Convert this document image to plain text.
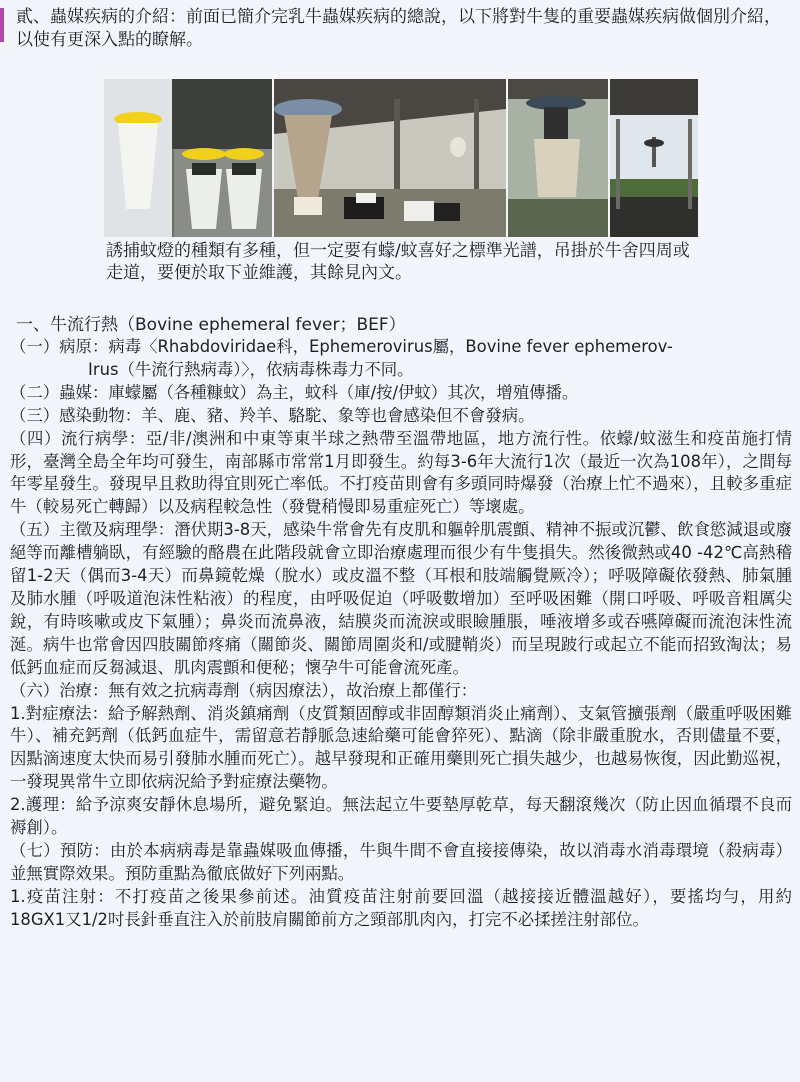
貳、蟲媒疾病的介紹：前面已簡介完乳牛蟲媒疾病的總說，以下將對牛隻的重要蟲媒疾病做個別介紹，以使有更深入點的瞭解。

誘捕蚊燈的種類有多種，但一定要有蠓/蚊喜好之標準光譜，吊掛於牛舍四周或走道，要便於取下並維護，其餘見內文。

一、牛流行熱（Bovine ephemeral fever；BEF）

（一）病原：病毒〈Rhabdoviridae科，Ephemerovirus屬，Bovine fever ephemerov-

Irus（牛流行熱病毒）〉，依病毒株毒力不同。

（二）蟲媒：庫蠓屬（各種糠蚊）為主，蚊科（庫/按/伊蚊）其次，增殖傳播。

（三）感染動物：羊、鹿、豬、羚羊、駱駝、象等也會感染但不會發病。

（四）流行病學：亞/非/澳洲和中東等東半球之熱帶至溫帶地區，地方流行性。依蠓/蚊滋生和疫苗施打情形，臺灣全島全年均可發生，南部縣市常常1月即發生。約每3-6年大流行1次（最近一次為108年），之間每年零星發生。發現早且救助得宜則死亡率低。不打疫苗則會有多頭同時爆發（治療上忙不過來），且較多重症牛（較易死亡轉歸）以及病程較急性（發覺稍慢即易重症死亡）等壞處。

（五）主徵及病理學：潛伏期3-8天，感染牛常會先有皮肌和軀幹肌震顫、精神不振或沉鬱、飲食慾減退或廢絕等而離槽躺臥，有經驗的酪農在此階段就會立即治療處理而很少有牛隻損失。然後微熱或40 -42℃高熱稽留1-2天（偶而3-4天）而鼻鏡乾燥（脫水）或皮溫不整（耳根和肢端觸覺厥冷）；呼吸障礙依發熱、肺氣腫及肺水腫（呼吸道泡沫性粘液）的程度，由呼吸促迫（呼吸數增加）至呼吸困難（開口呼吸、呼吸音粗厲尖銳，有時咳嗽或皮下氣腫）；鼻炎而流鼻液，結膜炎而流淚或眼瞼腫脹，唾液增多或吞嚥障礙而流泡沫性流涎。病牛也常會因四肢關節疼痛（關節炎、關節周圍炎和/或腱鞘炎）而呈現跛行或起立不能而招致淘汰；易低鈣血症而反芻減退、肌肉震顫和便秘；懷孕牛可能會流死產。

（六）治療：無有效之抗病毒劑（病因療法），故治療上都僅行：

1.對症療法：給予解熱劑、消炎鎮痛劑（皮質類固醇或非固醇類消炎止痛劑）、支氣管擴張劑（嚴重呼吸困難牛）、補充鈣劑（低鈣血症牛，需留意若靜脈急速給藥可能會猝死）、點滴（除非嚴重脫水，否則儘量不要，因點滴速度太快而易引發肺水腫而死亡）。越早發現和正確用藥則死亡損失越少，也越易恢復，因此勤巡視，一發現異常牛立即依病況給予對症療法藥物。

2.護理：給予涼爽安靜休息場所，避免緊迫。無法起立牛要墊厚乾草，每天翻滾幾次（防止因血循環不良而褥創）。

（七）預防：由於本病病毒是靠蟲媒吸血傳播，牛與牛間不會直接接傳染，故以消毒水消毒環境（殺病毒）並無實際效果。預防重點為徹底做好下列兩點。

1.疫苗注射：不打疫苗之後果參前述。油質疫苗注射前要回溫（越接接近體溫越好），要搖均勻，用約18GX1又1/2吋長針垂直注入於前肢肩關節前方之頸部肌肉內，打完不必揉搓注射部位。
